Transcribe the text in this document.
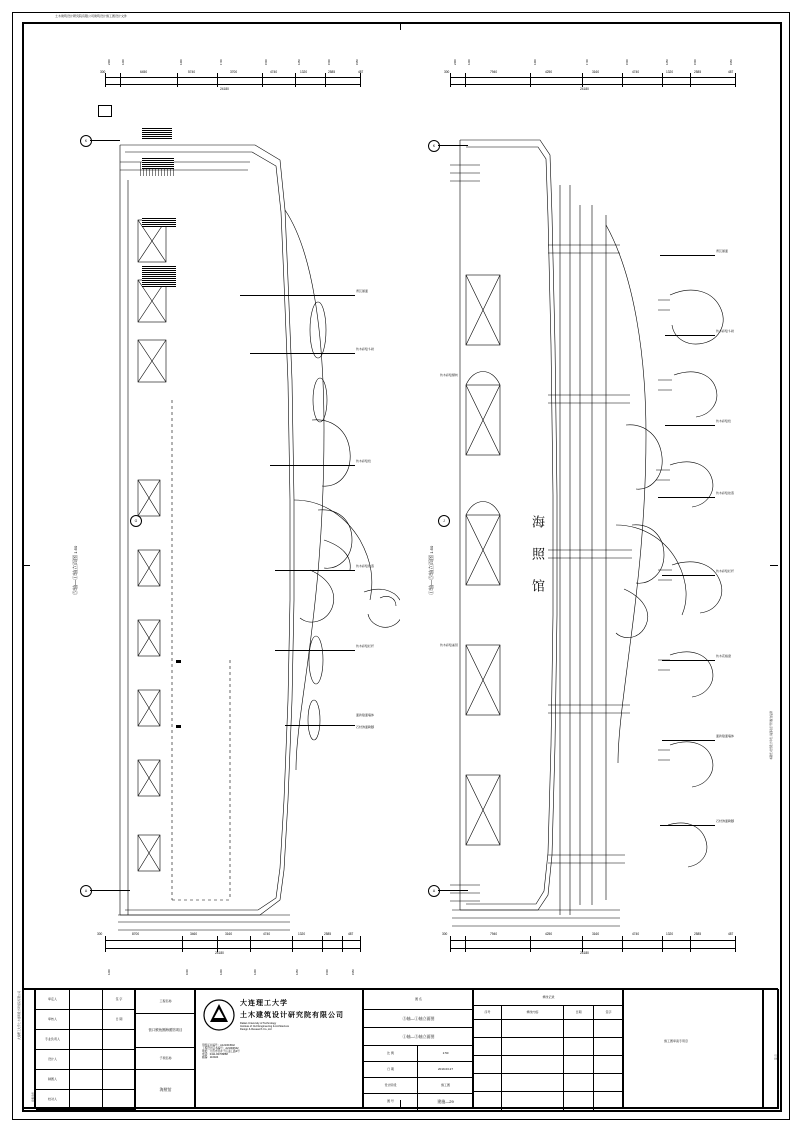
土木建筑设计研究院有限公司建筑设计施工图设计文件
大连理工大学土木建筑设计研究院有限公司
300	6450	5740	3700	4740	1320	2585	487
2400	1200	1400	1700	1500	1250	1500	1950
24180
K
G
A
青瓦屋面
仿木彩绘斗拱
仿木彩绘柱
仿木彩绘挂落
仿木彩绘栏杆
面砖贴面墙体
石材饰面勒脚
300	8700	3460	3160	4740	1320	2585	487
24180
1200	1000	1200	1200	1250	1500	1950
⑤轴—①轴立面图 1:50
300	7940	4250	3160	4740	1320	2585	487
24180
2400	1200	1400	1700	1500	1250	1500	1950
K
J
A
海 照 馆
青瓦屋面
仿木彩绘斗拱
仿木彩绘柱
仿木彩绘挂落
仿木彩绘栏杆
仿木花格窗
面砖贴面墙体
石材饰面勒脚
仿木彩绘额枋
仿木彩绘雀替
300	7940	4250	3160	4740	1320	2585	487
24180
①轴—⑤轴立面图 1:50
建设单位
审定人	签 字
审核人	日 期
专业负责人
设计人
制图人
校对人
工程名称
营口鲅鱼圈海照馆项目
子项名称
海照馆
大连理工大学
土木建筑设计研究院有限公司
Dalian University of Technology
Institute of Civil Engineering & Architecture
Design & Research Co.,Ltd
甲级证书编号：A121004542
工程设计证书编号：A21004542
地址：大连市甘井子区凌工路2号
电话：0411-84708888
邮编：116024
图 名
⑤轴—①轴立面图
①轴—⑤轴立面图
比 例	1:50
日 期	2019.03.27
设计阶段	施工图
图 号	建施—29
修改记录
序号	修改内容	日期	签字
施工图审查专用章
第 页
本图纸未经设计单位书面同意不得擅自复制
